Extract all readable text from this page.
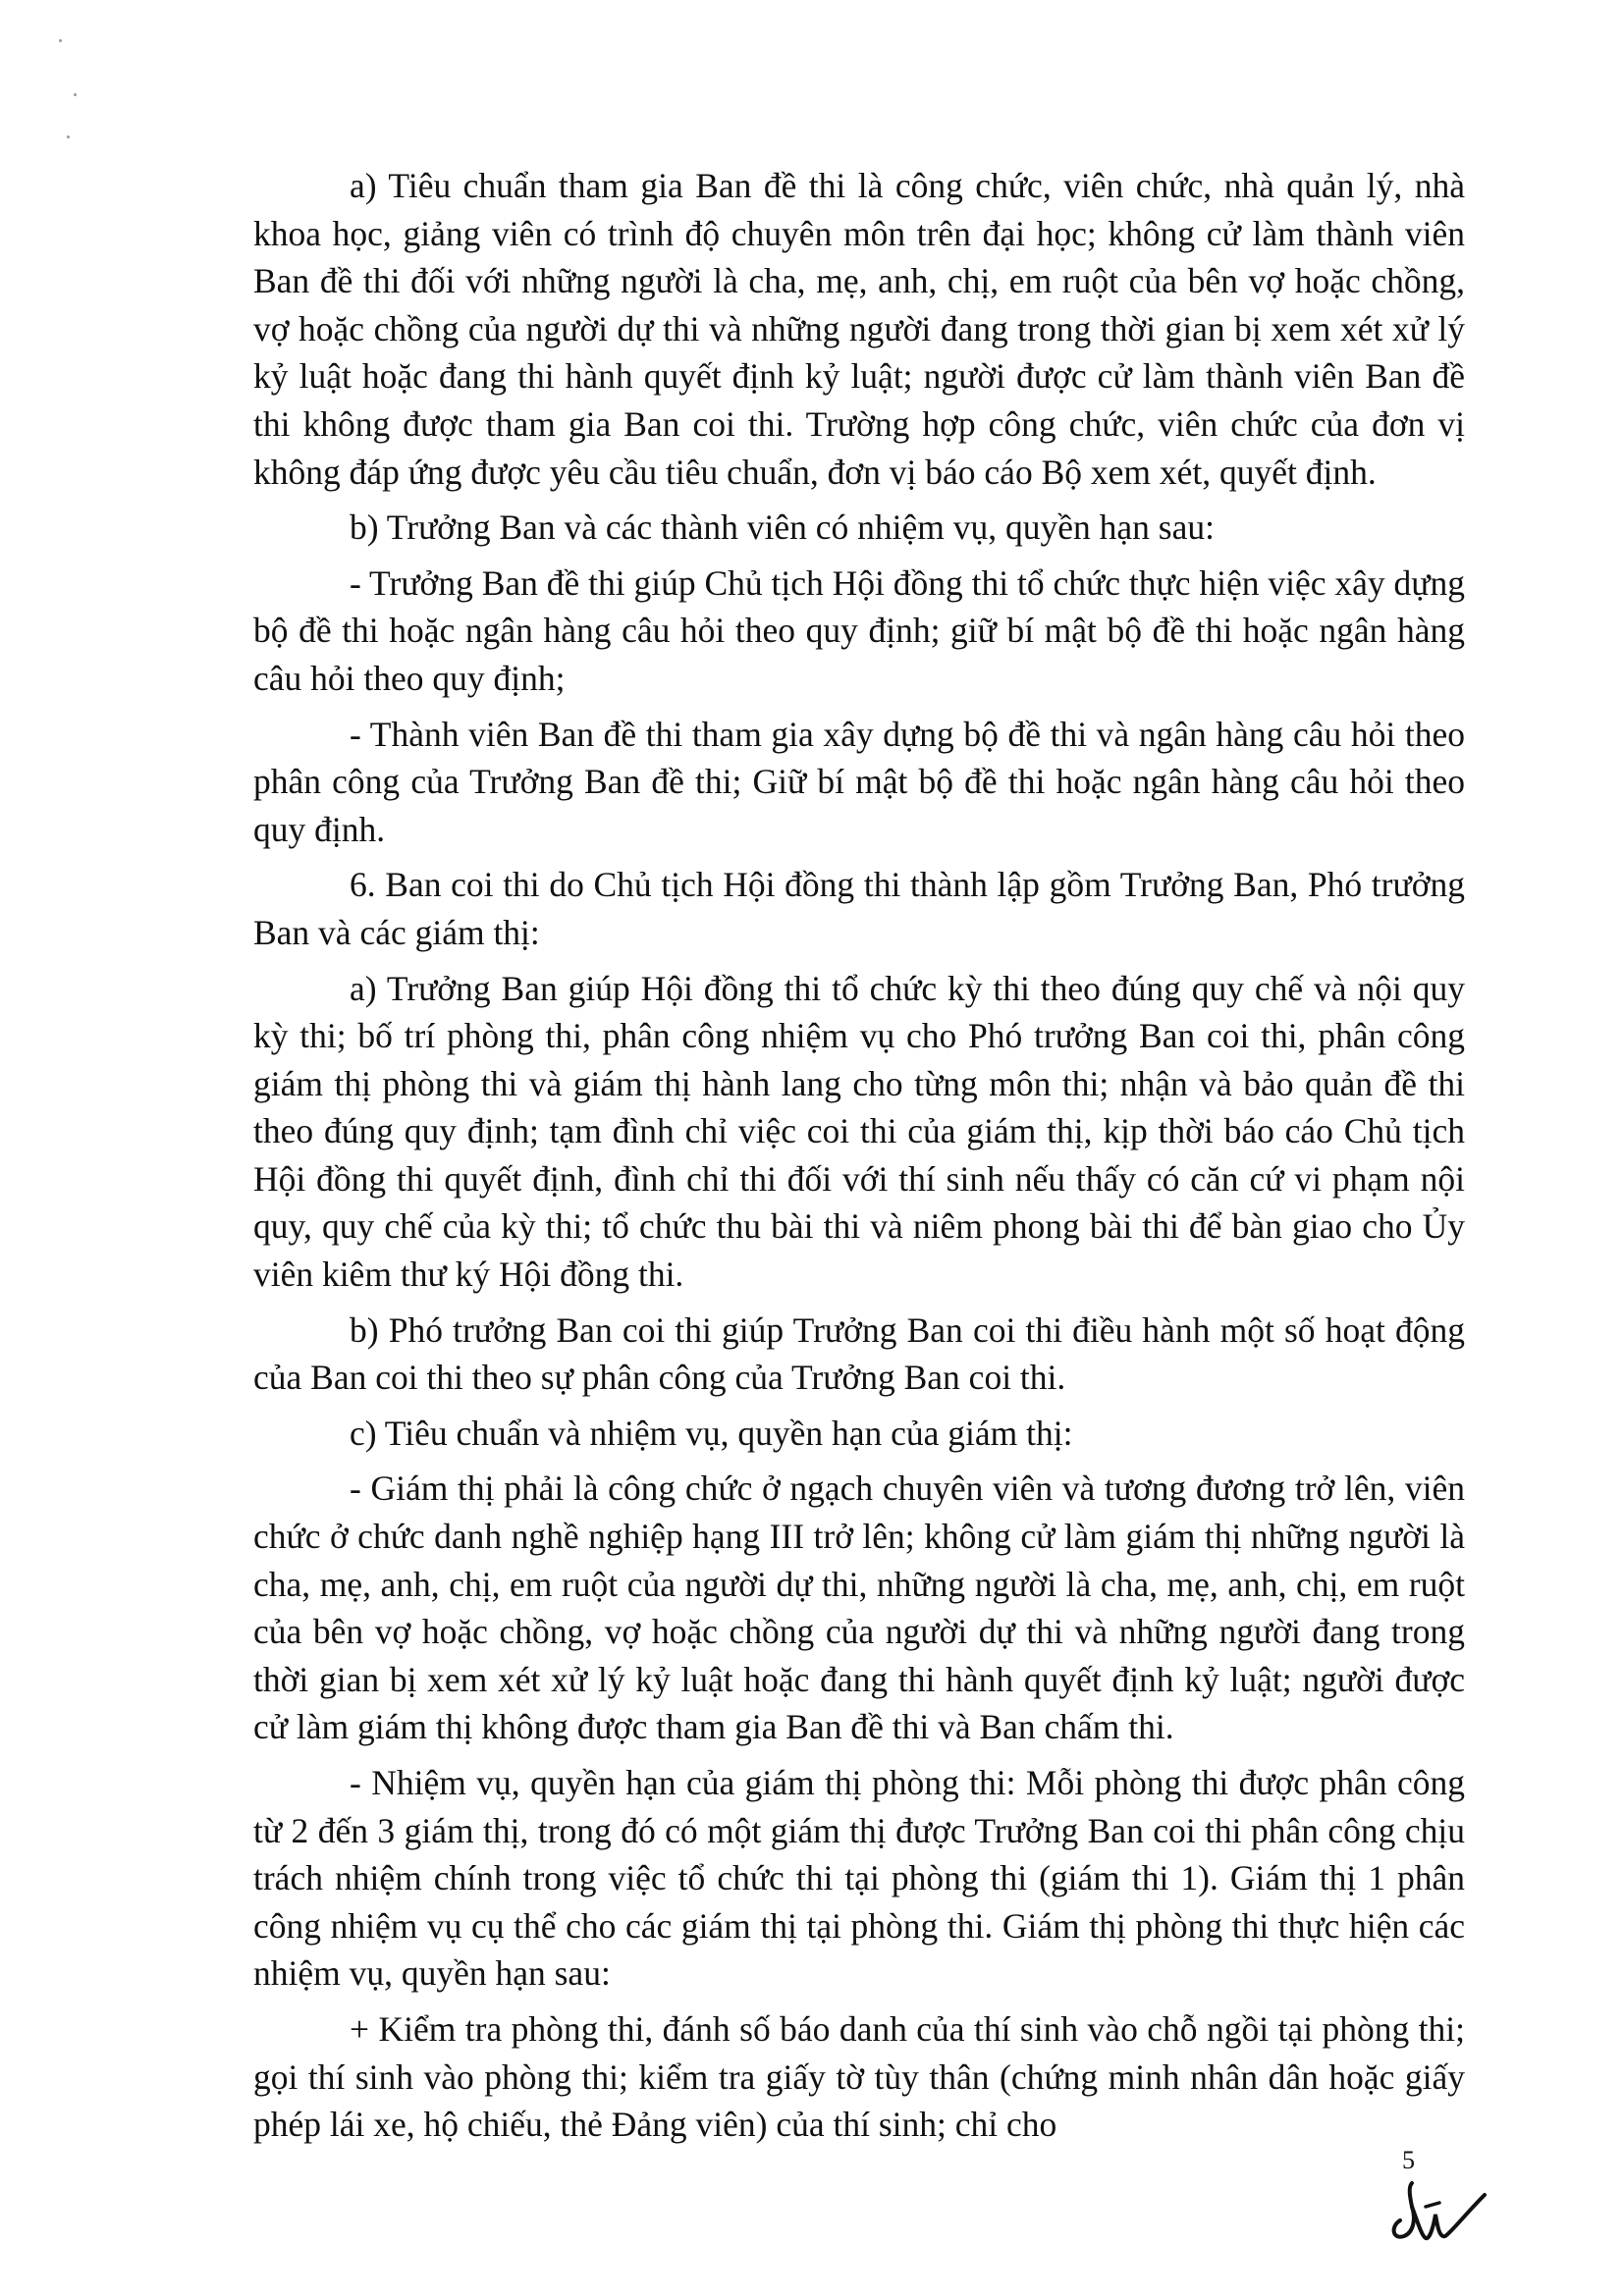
a) Tiêu chuẩn tham gia Ban đề thi là công chức, viên chức, nhà quản lý, nhà khoa học, giảng viên có trình độ chuyên môn trên đại học; không cử làm thành viên Ban đề thi đối với những người là cha, mẹ, anh, chị, em ruột của bên vợ hoặc chồng, vợ hoặc chồng của người dự thi và những người đang trong thời gian bị xem xét xử lý kỷ luật hoặc đang thi hành quyết định kỷ luật; người được cử làm thành viên Ban đề thi không được tham gia Ban coi thi. Trường hợp công chức, viên chức của đơn vị không đáp ứng được yêu cầu tiêu chuẩn, đơn vị báo cáo Bộ xem xét, quyết định.

b) Trưởng Ban và các thành viên có nhiệm vụ, quyền hạn sau:

- Trưởng Ban đề thi giúp Chủ tịch Hội đồng thi tổ chức thực hiện việc xây dựng bộ đề thi hoặc ngân hàng câu hỏi theo quy định; giữ bí mật bộ đề thi hoặc ngân hàng câu hỏi theo quy định;

- Thành viên Ban đề thi tham gia xây dựng bộ đề thi và ngân hàng câu hỏi theo phân công của Trưởng Ban đề thi; Giữ bí mật bộ đề thi hoặc ngân hàng câu hỏi theo quy định.

6. Ban coi thi do Chủ tịch Hội đồng thi thành lập gồm Trưởng Ban, Phó trưởng Ban và các giám thị:

a) Trưởng Ban giúp Hội đồng thi tổ chức kỳ thi theo đúng quy chế và nội quy kỳ thi; bố trí phòng thi, phân công nhiệm vụ cho Phó trưởng Ban coi thi, phân công giám thị phòng thi và giám thị hành lang cho từng môn thi; nhận và bảo quản đề thi theo đúng quy định; tạm đình chỉ việc coi thi của giám thị, kịp thời báo cáo Chủ tịch Hội đồng thi quyết định, đình chỉ thi đối với thí sinh nếu thấy có căn cứ vi phạm nội quy, quy chế của kỳ thi; tổ chức thu bài thi và niêm phong bài thi để bàn giao cho Ủy viên kiêm thư ký Hội đồng thi.

b) Phó trưởng Ban coi thi giúp Trưởng Ban coi thi điều hành một số hoạt động của Ban coi thi theo sự phân công của Trưởng Ban coi thi.

c) Tiêu chuẩn và nhiệm vụ, quyền hạn của giám thị:

- Giám thị phải là công chức ở ngạch chuyên viên và tương đương trở lên, viên chức ở chức danh nghề nghiệp hạng III trở lên; không cử làm giám thị những người là cha, mẹ, anh, chị, em ruột của người dự thi, những người là cha, mẹ, anh, chị, em ruột của bên vợ hoặc chồng, vợ hoặc chồng của người dự thi và những người đang trong thời gian bị xem xét xử lý kỷ luật hoặc đang thi hành quyết định kỷ luật; người được cử làm giám thị không được tham gia Ban đề thi và Ban chấm thi.

- Nhiệm vụ, quyền hạn của giám thị phòng thi: Mỗi phòng thi được phân công từ 2 đến 3 giám thị, trong đó có một giám thị được Trưởng Ban coi thi phân công chịu trách nhiệm chính trong việc tổ chức thi tại phòng thi (giám thi 1). Giám thị 1 phân công nhiệm vụ cụ thể cho các giám thị tại phòng thi. Giám thị phòng thi thực hiện các nhiệm vụ, quyền hạn sau:

+ Kiểm tra phòng thi, đánh số báo danh của thí sinh vào chỗ ngồi tại phòng thi; gọi thí sinh vào phòng thi; kiểm tra giấy tờ tùy thân (chứng minh nhân dân hoặc giấy phép lái xe, hộ chiếu, thẻ Đảng viên) của thí sinh; chỉ cho

5
